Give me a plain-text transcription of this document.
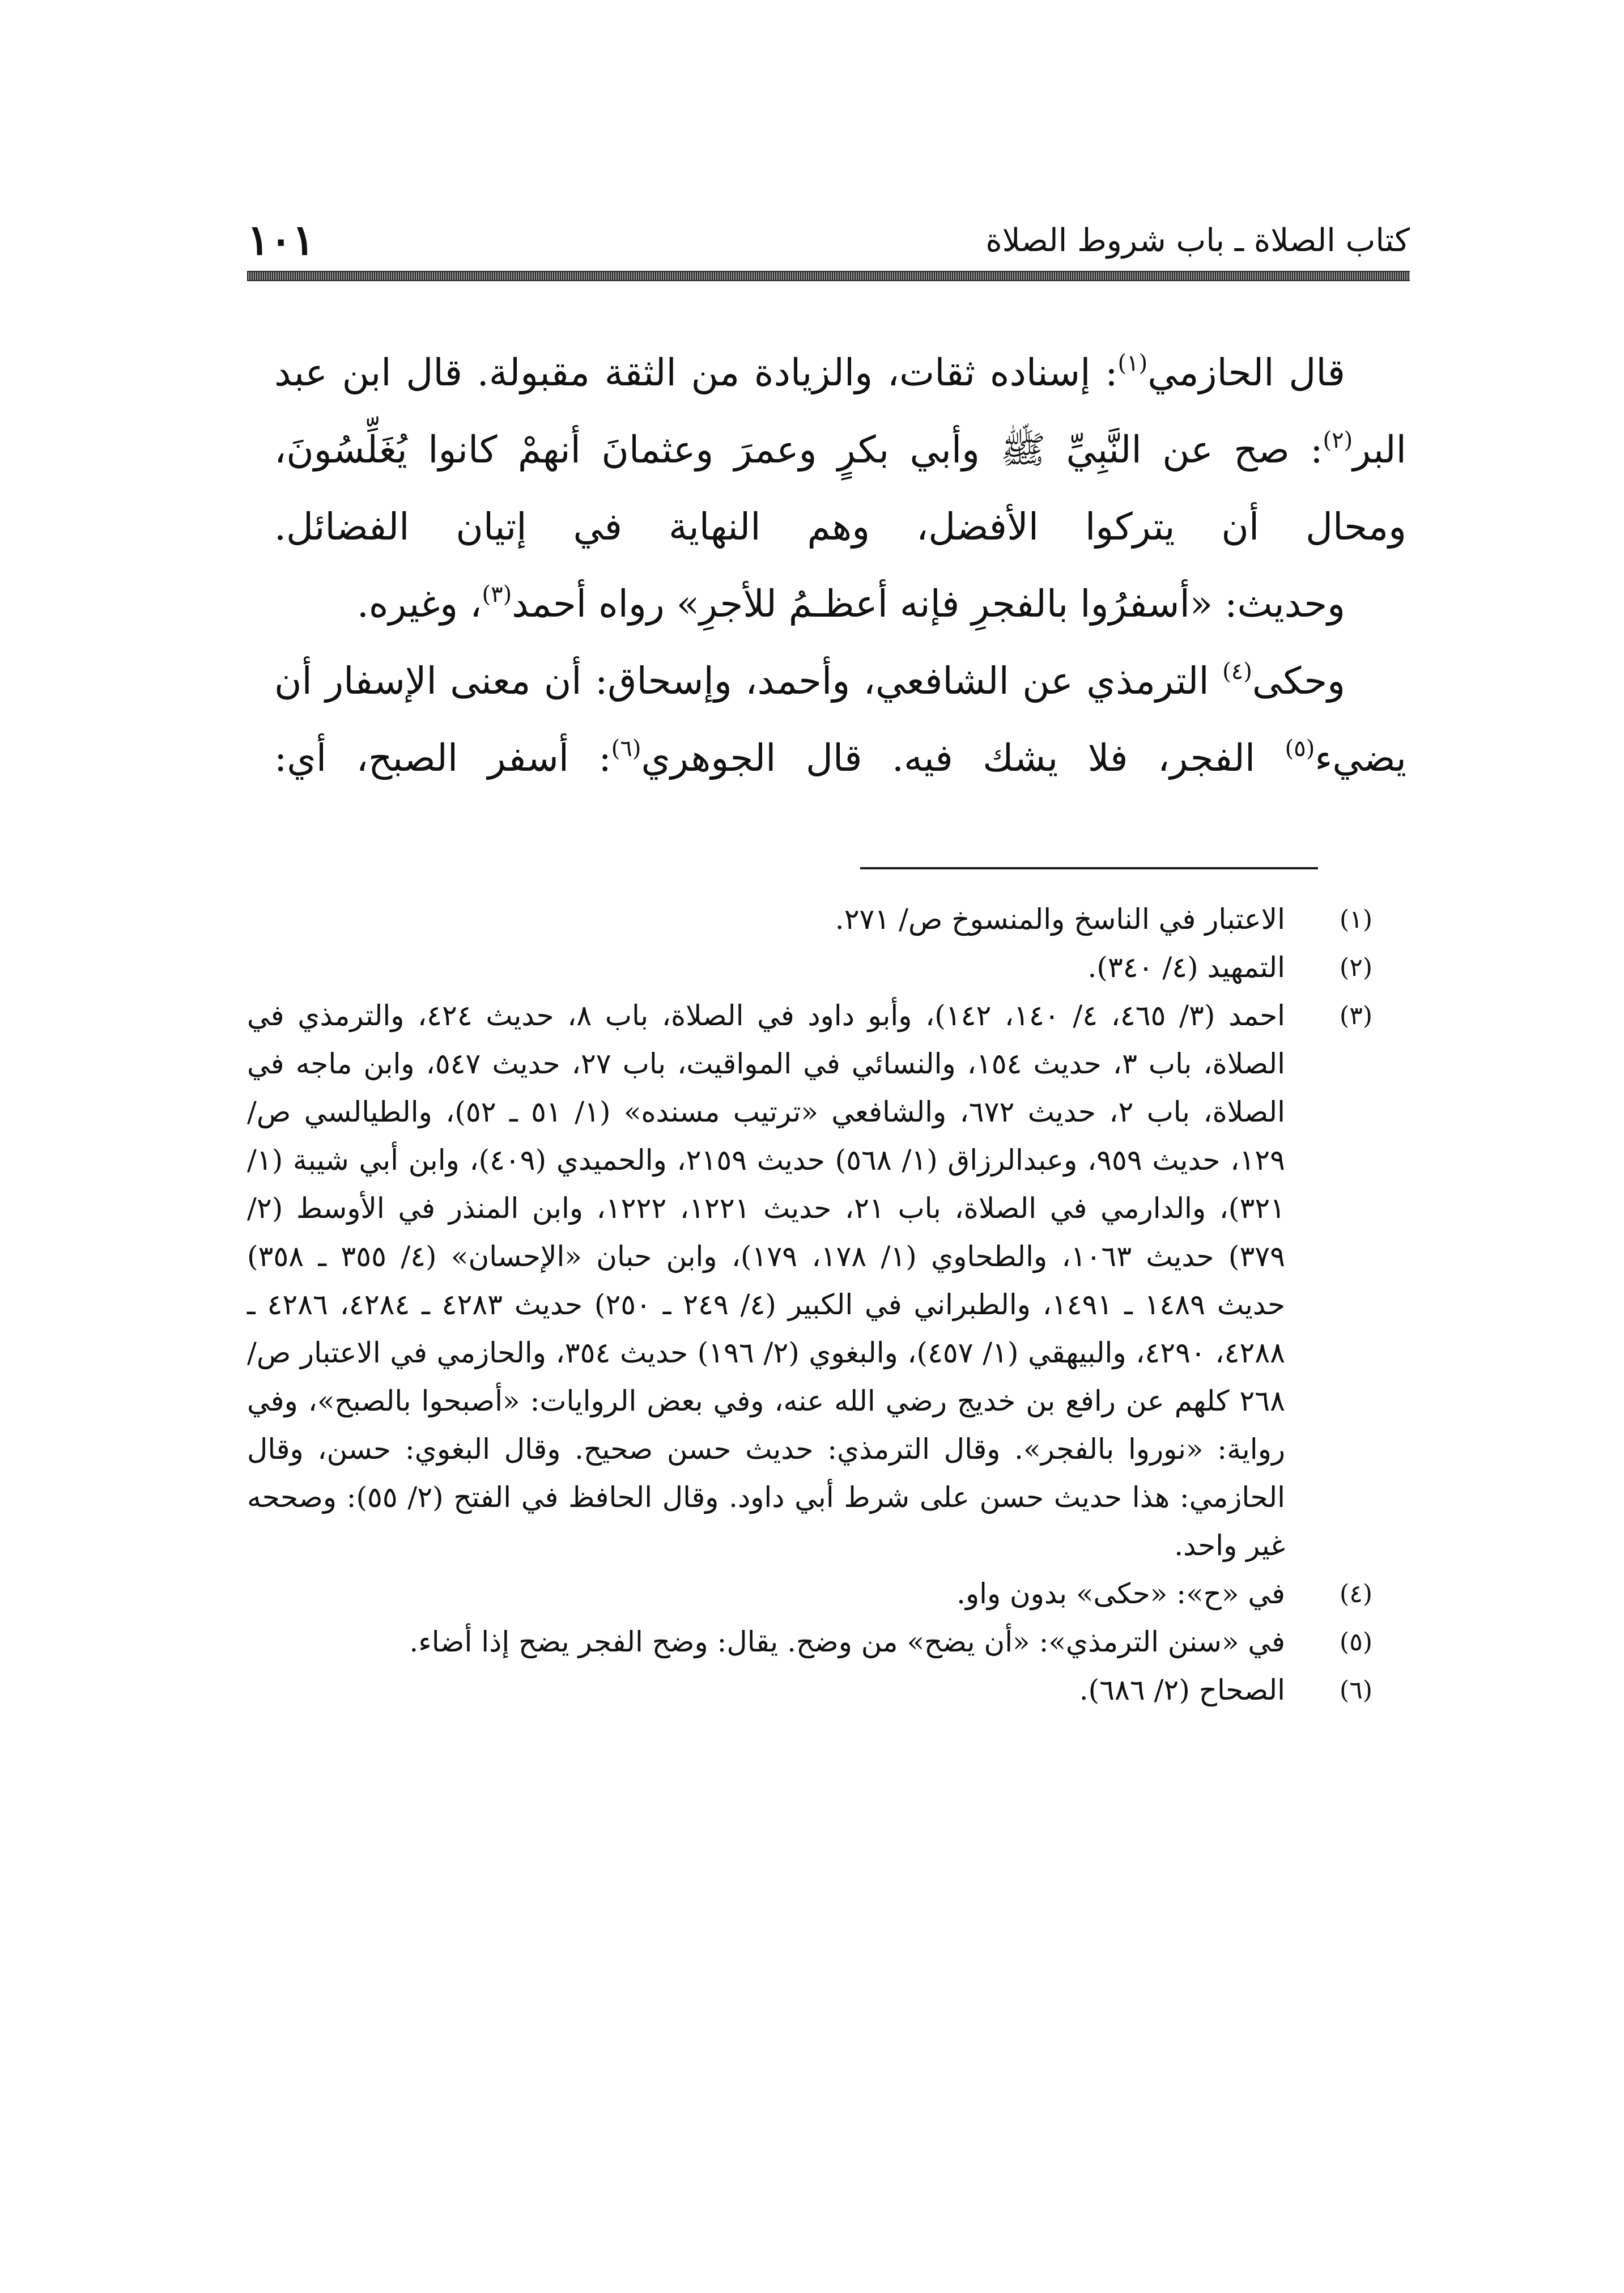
كتاب الصلاة ـ باب شروط الصلاة
١٠١

قال الحازمي$^{(١)}$: إسناده ثقات، والزيادة من الثقة مقبولة. قال ابن عبد البر$^{(٢)}$: صح عن النَّبِيِّ ﷺ وأبي بكرٍ وعمرَ وعثمانَ أنهمْ كانوا يُغَلِّسُونَ، ومحال أن يتركوا الأفضل، وهم النهاية في إتيان الفضائل.

وحديث: «أسفرُوا بالفجرِ فإنه أعظـمُ للأجرِ» رواه أحمد$^{(٣)}$، وغيره.

وحكى$^{(٤)}$ الترمذي عن الشافعي، وأحمد، وإسحاق: أن معنى الإسفار أن يضيء$^{(٥)}$ الفجر، فلا يشك فيه. قال الجوهري$^{(٦)}$: أسفر الصبح، أي:

(١)
الاعتبار في الناسخ والمنسوخ ص/ ٢٧١.
(٢)
التمهيد (٤/ ٣٤٠).
(٣)
احمد (٣/ ٤٦٥، ٤/ ١٤٠، ١٤٢)، وأبو داود في الصلاة، باب ٨، حديث ٤٢٤، والترمذي في الصلاة، باب ٣، حديث ١٥٤، والنسائي في المواقيت، باب ٢٧، حديث ٥٤٧، وابن ماجه في الصلاة، باب ٢، حديث ٦٧٢، والشافعي «ترتيب مسنده» (١/ ٥١ ـ ٥٢)، والطيالسي ص/ ١٢٩، حديث ٩٥٩، وعبدالرزاق (١/ ٥٦٨) حديث ٢١٥٩، والحميدي (٤٠٩)، وابن أبي شيبة (١/ ٣٢١)، والدارمي في الصلاة، باب ٢١، حديث ١٢٢١، ١٢٢٢، وابن المنذر في الأوسط (٢/ ٣٧٩) حديث ١٠٦٣، والطحاوي (١/ ١٧٨، ١٧٩)، وابن حبان «الإحسان» (٤/ ٣٥٥ ـ ٣٥٨) حديث ١٤٨٩ ـ ١٤٩١، والطبراني في الكبير (٤/ ٢٤٩ ـ ٢٥٠) حديث ٤٢٨٣ ـ ٤٢٨٤، ٤٢٨٦ ـ ٤٢٨٨، ٤٢٩٠، والبيهقي (١/ ٤٥٧)، والبغوي (٢/ ١٩٦) حديث ٣٥٤، والحازمي في الاعتبار ص/ ٢٦٨ كلهم عن رافع بن خديج رضي الله عنه، وفي بعض الروايات: «أصبحوا بالصبح»، وفي رواية: «نوروا بالفجر». وقال الترمذي: حديث حسن صحيح. وقال البغوي: حسن، وقال الحازمي: هذا حديث حسن على شرط أبي داود. وقال الحافظ في الفتح (٢/ ٥٥): وصححه غير واحد.
(٤)
في «ح»: «حكى» بدون واو.
(٥)
في «سنن الترمذي»: «أن يضح» من وضح. يقال: وضح الفجر يضح إذا أضاء.
(٦)
الصحاح (٢/ ٦٨٦).
